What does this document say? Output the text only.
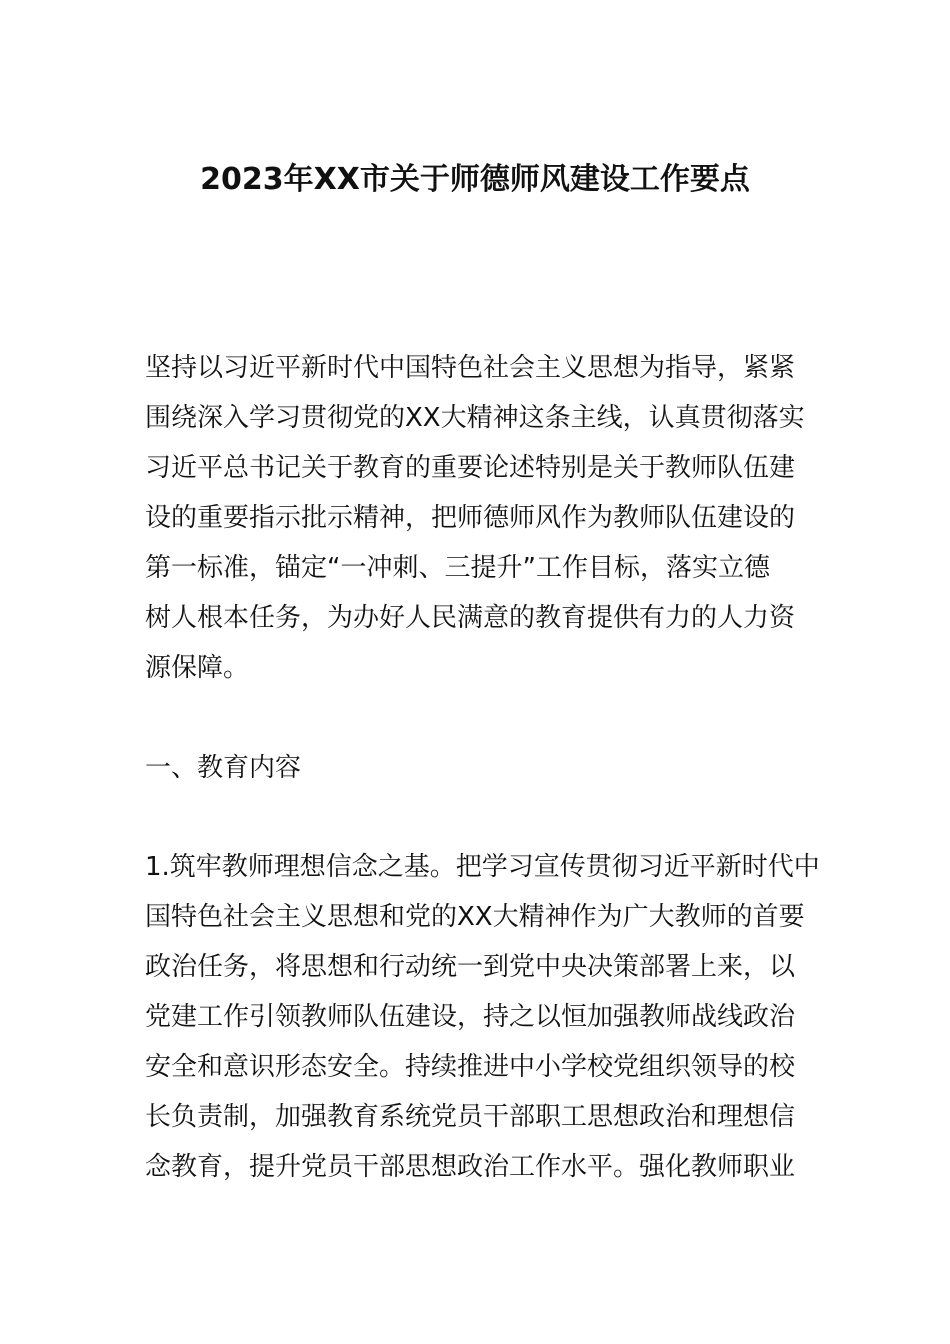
2023年XX市关于师德师风建设工作要点
坚持以习近平新时代中国特色社会主义思想为指导，紧紧
围绕深入学习贯彻党的XX大精神这条主线，认真贯彻落实
习近平总书记关于教育的重要论述特别是关于教师队伍建
设的重要指示批示精神，把师德师风作为教师队伍建设的
第一标准，锚定“一冲刺、三提升”工作目标，落实立德
树人根本任务，为办好人民满意的教育提供有力的人力资
源保障。
一、教育内容
1.筑牢教师理想信念之基。把学习宣传贯彻习近平新时代中
国特色社会主义思想和党的XX大精神作为广大教师的首要
政治任务，将思想和行动统一到党中央决策部署上来，以
党建工作引领教师队伍建设，持之以恒加强教师战线政治
安全和意识形态安全。持续推进中小学校党组织领导的校
长负责制，加强教育系统党员干部职工思想政治和理想信
念教育，提升党员干部思想政治工作水平。强化教师职业
